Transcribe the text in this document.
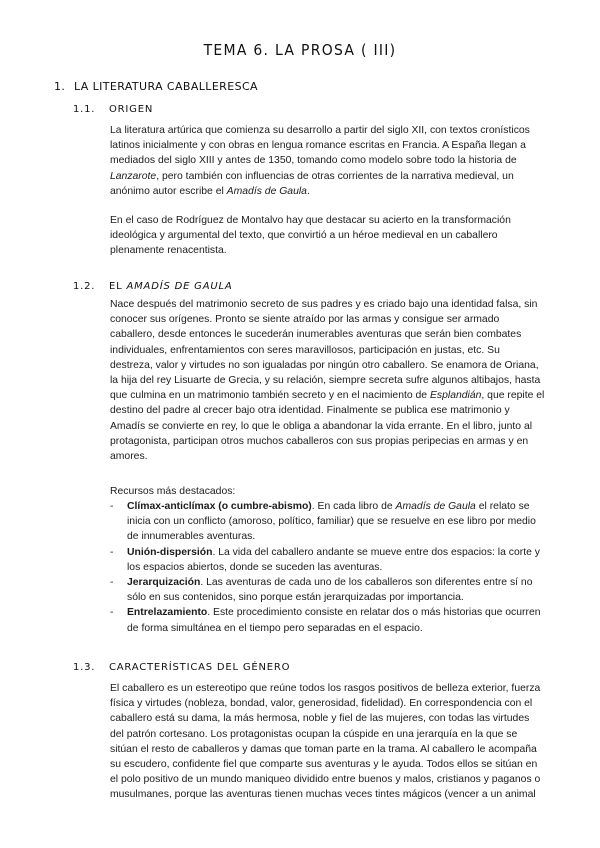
TEMA 6. LA PROSA ( III)
1. LA LITERATURA CABALLERESCA
1.1. ORIGEN

La literatura artúrica que comienza su desarrollo a partir del siglo XII, con textos cronísticos latinos inicialmente y con obras en lengua romance escritas en Francia. A España llegan a mediados del siglo XIII y antes de 1350, tomando como modelo sobre todo la historia de Lanzarote, pero también con influencias de otras corrientes de la narrativa medieval, un anónimo autor escribe el Amadís de Gaula.

En el caso de Rodríguez de Montalvo hay que destacar su acierto en la transformación ideológica y argumental del texto, que convirtió a un héroe medieval en un caballero plenamente renacentista.

1.2. EL AMADÍS DE GAULA

Nace después del matrimonio secreto de sus padres y es criado bajo una identidad falsa, sin conocer sus orígenes. Pronto se siente atraído por las armas y consigue ser armado caballero, desde entonces le sucederán inumerables aventuras que serán bien combates individuales, enfrentamientos con seres maravillosos, participación en justas, etc. Su destreza, valor y virtudes no son igualadas por ningún otro caballero. Se enamora de Oriana, la hija del rey Lisuarte de Grecia, y su relación, siempre secreta sufre algunos altibajos, hasta que culmina en un matrimonio también secreto y en el nacimiento de Esplandián, que repite el destino del padre al crecer bajo otra identidad. Finalmente se publica ese matrimonio y Amadís se convierte en rey, lo que le obliga a abandonar la vida errante. En el libro, junto al protagonista, participan otros muchos caballeros con sus propias peripecias en armas y en amores.

Recursos más destacados:

- Clímax-anticlímax (o cumbre-abismo). En cada libro de Amadís de Gaula el relato se inicia con un conflicto (amoroso, político, familiar) que se resuelve en ese libro por medio de innumerables aventuras.
- Unión-dispersión. La vida del caballero andante se mueve entre dos espacios: la corte y los espacios abiertos, donde se suceden las aventuras.
- Jerarquización. Las aventuras de cada uno de los caballeros son diferentes entre sí no sólo en sus contenidos, sino porque están jerarquizadas por importancia.
- Entrelazamiento. Este procedimiento consiste en relatar dos o más historias que ocurren de forma simultánea en el tiempo pero separadas en el espacio.
1.3. CARACTERÍSTICAS DEL GÉNERO

El caballero es un estereotipo que reúne todos los rasgos positivos de belleza exterior, fuerza física y virtudes (nobleza, bondad, valor, generosidad, fidelidad). En correspondencia con el caballero está su dama, la más hermosa, noble y fiel de las mujeres, con todas las virtudes del patrón cortesano. Los protagonistas ocupan la cúspide en una jerarquía en la que se sitúan el resto de caballeros y damas que toman parte en la trama. Al caballero le acompaña su escudero, confidente fiel que comparte sus aventuras y le ayuda. Todos ellos se sitúan en el polo positivo de un mundo maniqueo dividido entre buenos y malos, cristianos y paganos o musulmanes, porque las aventuras tienen muchas veces tintes mágicos (vencer a un animal
